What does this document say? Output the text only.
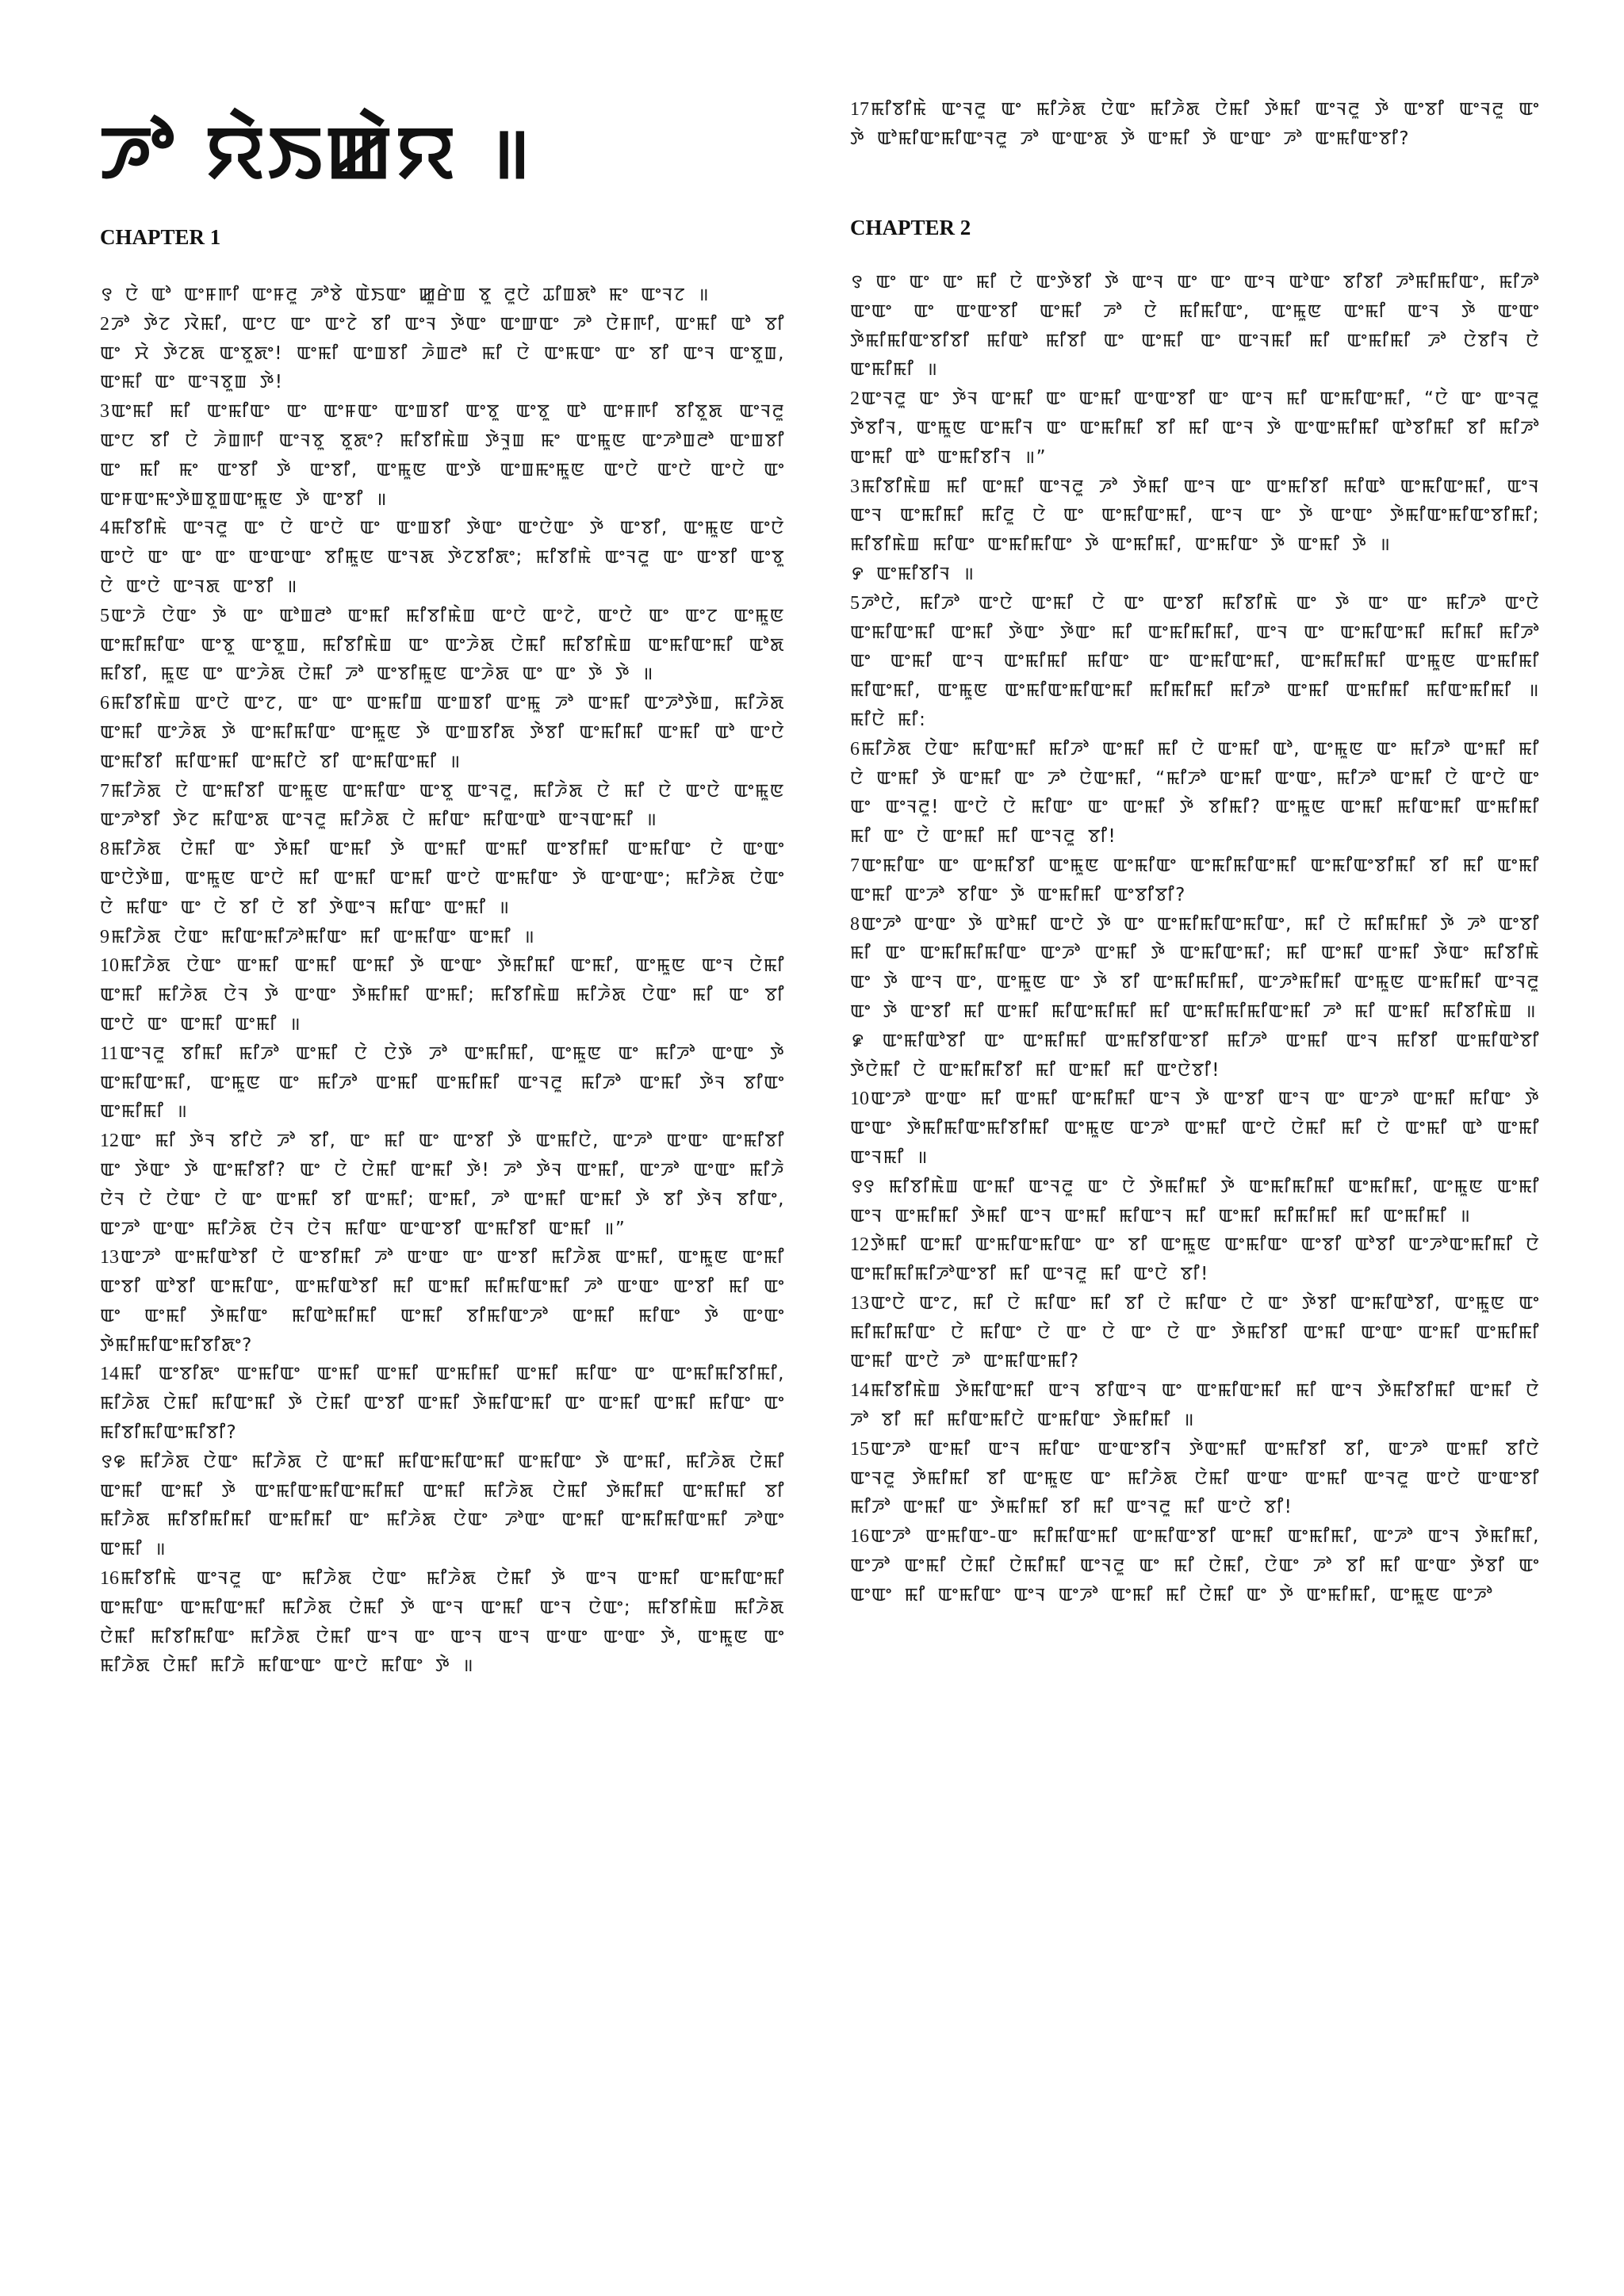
ꯍꯣ ꯌꯥꯏꯀꯥꯌ ॥
CHAPTER 1

꯱ ꯅꯥ ꯑꯣ ꯑꯦꯝꯒꯤ ꯑꯦꯝꯂꯨ ꯍꯣꯕꯥ ꯑꯥꯏꯑꯦ ꯀꯨꯔꯥꯡ ꯕꯨ ꯂꯨꯅꯥ ꯊꯤꯡꯗꯣ ꯃꯦ ꯑꯦꯜꯖ ॥

2ꯍꯣ ꯇꯥꯖ ꯋꯥꯃꯤ, ꯑꯦꯅ ꯑꯦ ꯑꯦꯖꯥ ꯕꯤ ꯑꯦꯜ ꯇꯥꯑꯦ ꯑꯦꯛꯑꯦ ꯍꯣ ꯅꯥꯝꯒꯤ, ꯑꯦꯃꯤ ꯑꯣ ꯕꯤ ꯑꯦ ꯆꯥ ꯇꯥꯖꯗ ꯑꯦꯕꯨꯗꯦ! ꯑꯦꯃꯤ ꯑꯦꯡꯕꯤ ꯍꯥꯡꯂꯣ ꯃꯤ ꯅꯥ ꯑꯦꯃꯑꯦ ꯑꯦ ꯕꯤ ꯑꯦꯜ ꯑꯦꯕꯨꯡ, ꯑꯦꯃꯤ ꯑꯦ ꯑꯦꯜꯕꯨꯡ ꯇꯥ!

3ꯑꯦꯃꯤ ꯃꯤ ꯑꯦꯃꯤꯑꯦ ꯑꯦ ꯑꯦꯝꯑꯦ ꯑꯦꯡꯕꯤ ꯑꯦꯕꯨ ꯑꯦꯕꯨ ꯑꯣ ꯑꯦꯝꯒꯤ ꯕꯤꯕꯨꯗ ꯑꯦꯜꯂꯨ ꯑꯦꯅ ꯕꯤ ꯅꯥ ꯍꯥꯡꯒꯤ ꯑꯦꯜꯕꯨ ꯕꯨꯗꯦ? ꯃꯤꯕꯤꯃꯥꯡ ꯇꯥꯜꯨꯡ ꯃꯦ ꯑꯦꯃꯨꯟ ꯑꯦꯍꯣꯡꯂꯣ ꯑꯦꯡꯕꯤ ꯑꯦ ꯃꯤ ꯃꯦ ꯑꯦꯕꯤ ꯇꯥ ꯑꯦꯕꯤ, ꯑꯦꯃꯨꯟ ꯑꯦꯇꯥ ꯑꯦꯡꯃꯦꯃꯨꯟ ꯑꯦꯅꯥ ꯑꯦꯅꯥ ꯑꯦꯅꯥ ꯑꯦ ꯑꯦꯝꯑꯦꯃꯦꯇꯥꯡꯕꯨꯡꯑꯦꯃꯨꯟ ꯇꯥ ꯑꯦꯕꯤ ॥

4ꯃꯤꯕꯤꯃꯥ ꯑꯦꯜꯂꯨ ꯑꯦ ꯅꯥ ꯑꯦꯅꯥ ꯑꯦ ꯑꯦꯡꯕꯤ ꯇꯥꯑꯦ ꯑꯦꯅꯥꯑꯦ ꯇꯥ ꯑꯦꯕꯤ, ꯑꯦꯃꯨꯟ ꯑꯦꯅꯥ ꯑꯦꯅꯥ ꯑꯦ ꯑꯦ ꯑꯦ ꯑꯦꯑꯦꯑꯦ ꯕꯤꯃꯨꯟ ꯑꯦꯜꯗ ꯇꯥꯖꯕꯤꯗꯦ; ꯃꯤꯕꯤꯃꯥ ꯑꯦꯜꯂꯨ ꯑꯦ ꯑꯦꯕꯤ ꯑꯦꯕꯨ ꯅꯥ ꯑꯦꯅꯥ ꯑꯦꯜꯗ ꯑꯦꯕꯤ ॥

5ꯑꯦꯍꯥ ꯅꯥꯑꯦ ꯇꯥ ꯑꯦ ꯑꯣꯡꯂꯣ ꯑꯦꯃꯤ ꯃꯤꯕꯤꯃꯥꯡ ꯑꯦꯅꯥ ꯑꯦꯖꯥ, ꯑꯦꯅꯥ ꯑꯦ ꯑꯦꯖ ꯑꯦꯃꯨꯟ ꯑꯦꯃꯤꯃꯤꯑꯦ ꯑꯦꯕꯨ ꯑꯦꯕꯨꯡ, ꯃꯤꯕꯤꯃꯥꯡ ꯑꯦ ꯑꯦꯍꯥꯗ ꯅꯥꯃꯤ ꯃꯤꯕꯤꯃꯥꯡ ꯑꯦꯃꯤꯑꯦꯃꯤ ꯑꯣꯗ ꯃꯤꯕꯤ, ꯃꯨꯟ ꯑꯦ ꯑꯦꯍꯥꯗ ꯅꯥꯃꯤ ꯍꯣ ꯑꯦꯕꯤꯃꯨꯟ ꯑꯦꯍꯥꯗ ꯑꯦ ꯑꯦ ꯇꯥ ꯇꯥ ॥

6ꯃꯤꯕꯤꯃꯥꯡ ꯑꯦꯅꯥ ꯑꯦꯖ, ꯑꯦ ꯑꯦ ꯑꯦꯃꯤꯡ ꯑꯦꯡꯕꯤ ꯑꯦꯃꯨ ꯍꯣ ꯑꯦꯃꯤ ꯑꯦꯍꯣꯇꯥꯡ, ꯃꯤꯍꯥꯗ ꯑꯦꯃꯤ ꯑꯦꯍꯥꯗ ꯇꯥ ꯑꯦꯃꯤꯃꯤꯑꯦ ꯑꯦꯃꯨꯟ ꯇꯥ ꯑꯦꯡꯕꯤꯗ ꯇꯥꯕꯤ ꯑꯦꯃꯤꯃꯤ ꯑꯦꯃꯤ ꯑꯣ ꯑꯦꯅꯥ ꯑꯦꯃꯤꯕꯤ ꯃꯤꯑꯦꯃꯤ ꯑꯦꯃꯤꯅꯥ ꯕꯤ ꯑꯦꯃꯤꯑꯦꯃꯤ ॥

7ꯃꯤꯍꯥꯗ ꯅꯥ ꯑꯦꯃꯤꯕꯤ ꯑꯦꯃꯨꯟ ꯑꯦꯃꯤꯑꯦ ꯑꯦꯕꯨ ꯑꯦꯜꯂꯨ, ꯃꯤꯍꯥꯗ ꯅꯥ ꯃꯤ ꯅꯥ ꯑꯦꯅꯥ ꯑꯦꯃꯨꯟ ꯑꯦꯍꯣꯕꯤ ꯇꯥꯖ ꯃꯤꯑꯦꯗ ꯑꯦꯜꯂꯨ ꯃꯤꯍꯥꯗ ꯅꯥ ꯃꯤꯑꯦ ꯃꯤꯑꯦꯑꯣ ꯑꯦꯜꯑꯦꯃꯤ ॥

8ꯃꯤꯍꯥꯗ ꯅꯥꯃꯤ ꯑꯦ ꯇꯥꯃꯤ ꯑꯦꯃꯤ ꯇꯥ ꯑꯦꯃꯤ ꯑꯦꯃꯤ ꯑꯦꯕꯤꯃꯤ ꯑꯦꯃꯤꯑꯦ ꯅꯥ ꯑꯦꯑꯦ ꯑꯦꯅꯥꯇꯥꯡ, ꯑꯦꯃꯨꯟ ꯑꯦꯅꯥ ꯃꯤ ꯑꯦꯃꯤ ꯑꯦꯃꯤ ꯑꯦꯅꯥ ꯑꯦꯃꯤꯑꯦ ꯇꯥ ꯑꯦꯑꯦꯑꯦ; ꯃꯤꯍꯥꯗ ꯅꯥꯑꯦ ꯅꯥ ꯃꯤꯑꯦ ꯑꯦ ꯅꯥ ꯕꯤ ꯅꯥ ꯕꯤ ꯇꯥꯑꯦꯜ ꯃꯤꯑꯦ ꯑꯦꯃꯤ ॥

9ꯃꯤꯍꯥꯗ ꯅꯥꯑꯦ ꯃꯤꯑꯦꯃꯤꯍꯣꯃꯤꯑꯦ ꯃꯤ ꯑꯦꯃꯤꯑꯦ ꯑꯦꯃꯤ ॥

10ꯃꯤꯍꯥꯗ ꯅꯥꯑꯦ ꯑꯦꯃꯤ ꯑꯦꯃꯤ ꯑꯦꯃꯤ ꯇꯥ ꯑꯦꯑꯦ ꯇꯥꯃꯤꯃꯤ ꯑꯦꯃꯤ, ꯑꯦꯃꯨꯟ ꯑꯦꯜ ꯅꯥꯃꯤ ꯑꯦꯃꯤ ꯃꯤꯍꯥꯗ ꯅꯥꯜ ꯇꯥ ꯑꯦꯑꯦ ꯇꯥꯃꯤꯃꯤ ꯑꯦꯃꯤ; ꯃꯤꯕꯤꯃꯥꯡ ꯃꯤꯍꯥꯗ ꯅꯥꯑꯦ ꯃꯤ ꯑꯦ ꯕꯤ ꯑꯦꯅꯥ ꯑꯦ ꯑꯦꯃꯤ ꯑꯦꯃꯤ ॥

11ꯑꯦꯜꯂꯨ ꯕꯤꯃꯤ ꯃꯤꯍꯣ ꯑꯦꯃꯤ ꯅꯥ ꯅꯥꯇꯥ ꯍꯣ ꯑꯦꯃꯤꯃꯤ, ꯑꯦꯃꯨꯟ ꯑꯦ ꯃꯤꯍꯣ ꯑꯦꯑꯦ ꯇꯥ ꯑꯦꯃꯤꯑꯦꯃꯤ, ꯑꯦꯃꯨꯟ ꯑꯦ ꯃꯤꯍꯣ ꯑꯦꯃꯤ ꯑꯦꯃꯤꯃꯤ ꯑꯦꯜꯂꯨ ꯃꯤꯍꯣ ꯑꯦꯃꯤ ꯇꯥꯜ ꯕꯤꯑꯦ ꯑꯦꯃꯤꯃꯤ ॥

12ꯑꯦ ꯃꯤ ꯇꯥꯜ ꯕꯤꯅꯥ ꯍꯣ ꯕꯤ, ꯑꯦ ꯃꯤ ꯑꯦ ꯑꯦꯕꯤ ꯇꯥ ꯑꯦꯃꯤꯅꯥ, ꯑꯦꯍꯣ ꯑꯦꯑꯦ ꯑꯦꯃꯤꯕꯤ ꯑꯦ ꯇꯥꯑꯦ ꯇꯥ ꯑꯦꯃꯤꯕꯤ? ꯑꯦ ꯅꯥ ꯅꯥꯃꯤ ꯑꯦꯃꯤ ꯇꯥ! ꯍꯣ ꯇꯥꯜ ꯑꯦꯃꯤ, ꯑꯦꯍꯣ ꯑꯦꯑꯦ ꯃꯤꯍꯥ ꯅꯥꯜ ꯅꯥ ꯅꯥꯑꯦ ꯅꯥ ꯑꯦ ꯑꯦꯃꯤ ꯕꯤ ꯑꯦꯃꯤ; ꯑꯦꯃꯤ, ꯍꯣ ꯑꯦꯃꯤ ꯑꯦꯃꯤ ꯇꯥ ꯕꯤ ꯇꯥꯜ ꯕꯤꯑꯦ, ꯑꯦꯍꯣ ꯑꯦꯑꯦ ꯃꯤꯍꯥꯗ ꯅꯥꯜ ꯅꯥꯜ ꯃꯤꯑꯦ ꯑꯦꯑꯦꯕꯤ ꯑꯦꯃꯤꯕꯤ ꯑꯦꯃꯤ ॥”

13ꯑꯦꯍꯣ ꯑꯦꯃꯤꯑꯣꯕꯤ ꯅꯥ ꯑꯦꯕꯤꯃꯤ ꯍꯣ ꯑꯦꯑꯦ ꯑꯦ ꯑꯦꯕꯤ ꯃꯤꯍꯥꯗ ꯑꯦꯃꯤ, ꯑꯦꯃꯨꯟ ꯑꯦꯃꯤ ꯑꯦꯕꯤ ꯑꯣꯕꯤ ꯑꯦꯃꯤꯑꯦ, ꯑꯦꯃꯤꯑꯣꯕꯤ ꯃꯤ ꯑꯦꯃꯤ ꯃꯤꯃꯤꯑꯦꯃꯤ ꯍꯣ ꯑꯦꯑꯦ ꯑꯦꯕꯤ ꯃꯤ ꯑꯦ ꯑꯦ ꯑꯦꯃꯤ ꯇꯥꯃꯤꯑꯦ ꯃꯤꯑꯣꯃꯤꯃꯤ ꯑꯦꯃꯤ ꯕꯤꯃꯤꯑꯦꯍꯣ ꯑꯦꯃꯤ ꯃꯤꯑꯦ ꯇꯥ ꯑꯦꯑꯦ ꯇꯥꯃꯤꯃꯤꯑꯦꯃꯤꯕꯤꯗꯦ?

14ꯃꯤ ꯑꯦꯕꯤꯗꯦ ꯑꯦꯃꯤꯑꯦ ꯑꯦꯃꯤ ꯑꯦꯃꯤ ꯑꯦꯃꯤꯃꯤ ꯑꯦꯃꯤ ꯃꯤꯑꯦ ꯑꯦ ꯑꯦꯃꯤꯃꯤꯕꯤꯃꯤ, ꯃꯤꯍꯥꯗ ꯅꯥꯃꯤ ꯃꯤꯑꯦꯃꯤ ꯇꯥ ꯅꯥꯃꯤ ꯑꯦꯕꯤ ꯑꯦꯃꯤ ꯇꯥꯃꯤꯑꯦꯃꯤ ꯑꯦ ꯑꯦꯃꯤ ꯑꯦꯃꯤ ꯃꯤꯑꯦ ꯑꯦ ꯃꯤꯕꯤꯃꯤꯑꯦꯃꯤꯕꯤ?

꯱꯶ ꯃꯤꯍꯥꯗ ꯅꯥꯑꯦ ꯃꯤꯍꯥꯗ ꯅꯥ ꯑꯦꯃꯤ ꯃꯤꯑꯦꯃꯤꯑꯦꯃꯤ ꯑꯦꯃꯤꯑꯦ ꯇꯥ ꯑꯦꯃꯤ, ꯃꯤꯍꯥꯗ ꯅꯥꯃꯤ ꯑꯦꯃꯤ ꯑꯦꯃꯤ ꯇꯥ ꯑꯦꯃꯤꯑꯦꯃꯤꯑꯦꯃꯤꯃꯤ ꯑꯦꯃꯤ ꯃꯤꯍꯥꯗ ꯅꯥꯃꯤ ꯇꯥꯃꯤꯃꯤ ꯑꯦꯃꯤꯃꯤ ꯕꯤ ꯃꯤꯍꯥꯗ ꯃꯤꯕꯤꯃꯤꯃꯤ ꯑꯦꯃꯤꯃꯤ ꯑꯦ ꯃꯤꯍꯥꯗ ꯅꯥꯑꯦ ꯍꯣꯑꯦ ꯑꯦꯃꯤ ꯑꯦꯃꯤꯃꯤꯑꯦꯃꯤ ꯍꯣꯑꯦ ꯑꯦꯃꯤ ॥

16ꯃꯤꯕꯤꯃꯥ ꯑꯦꯜꯂꯨ ꯑꯦ ꯃꯤꯍꯥꯗ ꯅꯥꯑꯦ ꯃꯤꯍꯥꯗ ꯅꯥꯃꯤ ꯇꯥ ꯑꯦꯜ ꯑꯦꯃꯤ ꯑꯦꯃꯤꯑꯦꯃꯤ ꯑꯦꯃꯤꯑꯦ ꯑꯦꯃꯤꯑꯦꯃꯤ ꯃꯤꯍꯥꯗ ꯅꯥꯃꯤ ꯇꯥ ꯑꯦꯜ ꯑꯦꯃꯤ ꯑꯦꯜ ꯅꯥꯑꯦ; ꯃꯤꯕꯤꯃꯥꯡ ꯃꯤꯍꯥꯗ ꯅꯥꯃꯤ ꯃꯤꯕꯤꯃꯤꯑꯦ ꯃꯤꯍꯥꯗ ꯅꯥꯃꯤ ꯑꯦꯜ ꯑꯦ ꯑꯦꯜ ꯑꯦꯜ ꯑꯦꯑꯦ ꯑꯦꯑꯦ ꯇꯥ, ꯑꯦꯃꯨꯟ ꯑꯦ ꯃꯤꯍꯥꯗ ꯅꯥꯃꯤ ꯃꯤꯍꯥ ꯃꯤꯑꯦꯑꯦ ꯑꯦꯅꯥ ꯃꯤꯑꯦ ꯇꯥ ॥

17ꯃꯤꯕꯤꯃꯥ ꯑꯦꯜꯂꯨ ꯑꯦ ꯃꯤꯍꯥꯗ ꯅꯥꯑꯦ ꯃꯤꯍꯥꯗ ꯅꯥꯃꯤ ꯇꯥꯃꯤ ꯑꯦꯜꯂꯨ ꯇꯥ ꯑꯦꯕꯤ ꯑꯦꯜꯂꯨ ꯑꯦ ꯇꯥ ꯑꯣꯃꯤꯑꯦꯃꯤꯑꯦꯜꯂꯨ ꯍꯣ ꯑꯦꯑꯦꯗ ꯇꯥ ꯑꯦꯃꯤ ꯇꯥ ꯑꯦꯑꯦ ꯍꯣ ꯑꯦꯃꯤꯑꯦꯕꯤ?

CHAPTER 2

꯱ ꯑꯦ ꯑꯦ ꯑꯦ ꯃꯤ ꯅꯥ ꯑꯦꯇꯥꯕꯤ ꯇꯥ ꯑꯦꯜ ꯑꯦ ꯑꯦ ꯑꯦꯜ ꯑꯣꯑꯦ ꯕꯤꯕꯤ ꯍꯣꯃꯤꯃꯤꯑꯦ, ꯃꯤꯍꯣ ꯑꯦꯑꯦ ꯑꯦ ꯑꯦꯑꯦꯕꯤ ꯑꯦꯃꯤ ꯍꯣ ꯅꯥ ꯃꯤꯃꯤꯑꯦ, ꯑꯦꯃꯨꯟ ꯑꯦꯃꯤ ꯑꯦꯜ ꯇꯥ ꯑꯦꯑꯦ ꯇꯥꯃꯤꯃꯤꯑꯦꯕꯤꯕꯤ ꯃꯤꯑꯣ ꯃꯤꯕꯤ ꯑꯦ ꯑꯦꯃꯤ ꯑꯦ ꯑꯦꯜꯃꯤ ꯃꯤ ꯑꯦꯃꯤꯃꯤ ꯍꯣ ꯅꯥꯕꯤꯜ ꯅꯥ ꯑꯦꯃꯤꯃꯤ ॥

2ꯑꯦꯜꯂꯨ ꯑꯦ ꯇꯥꯜ ꯑꯦꯃꯤ ꯑꯦ ꯑꯦꯃꯤ ꯑꯦꯑꯦꯕꯤ ꯑꯦ ꯑꯦꯜ ꯃꯤ ꯑꯦꯃꯤꯑꯦꯃꯤ, “ꯅꯥ ꯑꯦ ꯑꯦꯜꯂꯨ ꯇꯥꯕꯤꯜ, ꯑꯦꯃꯨꯟ ꯑꯦꯃꯤꯜ ꯑꯦ ꯑꯦꯃꯤꯃꯤ ꯕꯤ ꯃꯤ ꯑꯦꯜ ꯇꯥ ꯑꯦꯑꯦꯃꯤꯃꯤ ꯑꯣꯕꯤꯃꯤ ꯕꯤ ꯃꯤꯍꯣ ꯑꯦꯃꯤ ꯑꯣ ꯑꯦꯃꯤꯕꯤꯜ ॥”

3ꯃꯤꯕꯤꯃꯥꯡ ꯃꯤ ꯑꯦꯃꯤ ꯑꯦꯜꯂꯨ ꯍꯣ ꯇꯥꯃꯤ ꯑꯦꯜ ꯑꯦ ꯑꯦꯃꯤꯕꯤ ꯃꯤꯑꯣ ꯑꯦꯃꯤꯑꯦꯃꯤ, ꯑꯦꯜ ꯑꯦꯜ ꯑꯦꯃꯤꯃꯤ ꯃꯤꯂꯨ ꯅꯥ ꯑꯦ ꯑꯦꯃꯤꯑꯦꯃꯤ, ꯑꯦꯜ ꯑꯦ ꯇꯥ ꯑꯦꯑꯦ ꯇꯥꯃꯤꯑꯦꯃꯤꯑꯦꯕꯤꯃꯤ; ꯃꯤꯕꯤꯃꯥꯡ ꯃꯤꯑꯦ ꯑꯦꯃꯤꯃꯤꯑꯦ ꯇꯥ ꯑꯦꯃꯤꯃꯤ, ꯑꯦꯃꯤꯑꯦ ꯇꯥ ꯑꯦꯃꯤ ꯇꯥ ॥

꯸ ꯑꯦꯃꯤꯕꯤꯜ ॥

5ꯍꯣꯅꯥ, ꯃꯤꯍꯣ ꯑꯦꯅꯥ ꯑꯦꯃꯤ ꯅꯥ ꯑꯦ ꯑꯦꯕꯤ ꯃꯤꯕꯤꯃꯥ ꯑꯦ ꯇꯥ ꯑꯦ ꯑꯦ ꯃꯤꯍꯣ ꯑꯦꯅꯥ ꯑꯦꯃꯤꯑꯦꯃꯤ ꯑꯦꯃꯤ ꯇꯥꯑꯦ ꯇꯥꯑꯦ ꯃꯤ ꯑꯦꯃꯤꯃꯤꯃꯤ, ꯑꯦꯜ ꯑꯦ ꯑꯦꯃꯤꯑꯦꯃꯤ ꯃꯤꯃꯤ ꯃꯤꯍꯣ ꯑꯦ ꯑꯦꯃꯤ ꯑꯦꯜ ꯑꯦꯃꯤꯃꯤ ꯃꯤꯑꯦ ꯑꯦ ꯑꯦꯃꯤꯑꯦꯃꯤ, ꯑꯦꯃꯤꯃꯤꯃꯤ ꯑꯦꯃꯨꯟ ꯑꯦꯃꯤꯃꯤ ꯃꯤꯑꯦꯃꯤ, ꯑꯦꯃꯨꯟ ꯑꯦꯃꯤꯑꯦꯃꯤꯑꯦꯃꯤ ꯃꯤꯃꯤꯃꯤ ꯃꯤꯍꯣ ꯑꯦꯃꯤ ꯑꯦꯃꯤꯃꯤ ꯃꯤꯑꯦꯃꯤꯃꯤ ॥ ꯃꯤꯅꯥ ꯃꯤ:

6ꯃꯤꯍꯥꯗ ꯅꯥꯑꯦ ꯃꯤꯑꯦꯃꯤ ꯃꯤꯍꯣ ꯑꯦꯃꯤ ꯃꯤ ꯅꯥ ꯑꯦꯃꯤ ꯑꯣ, ꯑꯦꯃꯨꯟ ꯑꯦ ꯃꯤꯍꯣ ꯑꯦꯃꯤ ꯃꯤ ꯅꯥ ꯑꯦꯃꯤ ꯇꯥ ꯑꯦꯃꯤ ꯑꯦ ꯍꯣ ꯅꯥꯑꯦꯃꯤ, “ꯃꯤꯍꯣ ꯑꯦꯃꯤ ꯑꯦꯑꯦ, ꯃꯤꯍꯣ ꯑꯦꯃꯤ ꯅꯥ ꯑꯦꯅꯥ ꯑꯦ ꯑꯦ ꯑꯦꯜꯂꯨ! ꯑꯦꯅꯥ ꯅꯥ ꯃꯤꯑꯦ ꯑꯦ ꯑꯦꯃꯤ ꯇꯥ ꯕꯤꯃꯤ? ꯑꯦꯃꯨꯟ ꯑꯦꯃꯤ ꯃꯤꯑꯦꯃꯤ ꯑꯦꯃꯤꯃꯤ ꯃꯤ ꯑꯦ ꯅꯥ ꯑꯦꯃꯤ ꯃꯤ ꯑꯦꯜꯂꯨ ꯕꯤ!

7ꯑꯦꯃꯤꯑꯦ ꯑꯦ ꯑꯦꯃꯤꯕꯤ ꯑꯦꯃꯨꯟ ꯑꯦꯃꯤꯑꯦ ꯑꯦꯃꯤꯃꯤꯑꯦꯃꯤ ꯑꯦꯃꯤꯑꯦꯕꯤꯃꯤ ꯕꯤ ꯃꯤ ꯑꯦꯃꯤ ꯑꯦꯃꯤ ꯑꯦꯍꯣ ꯕꯤꯑꯦ ꯇꯥ ꯑꯦꯃꯤꯃꯤ ꯑꯦꯕꯤꯕꯤ?

8ꯑꯦꯍꯣ ꯑꯦꯑꯦ ꯇꯥ ꯑꯣꯃꯤ ꯑꯦꯅꯥ ꯇꯥ ꯑꯦ ꯑꯦꯃꯤꯃꯤꯑꯦꯃꯤꯑꯦ, ꯃꯤ ꯅꯥ ꯃꯤꯃꯤꯃꯤ ꯇꯥ ꯍꯣ ꯑꯦꯕꯤ ꯃꯤ ꯑꯦ ꯑꯦꯃꯤꯃꯤꯃꯤꯑꯦ ꯑꯦꯍꯣ ꯑꯦꯃꯤ ꯇꯥ ꯑꯦꯃꯤꯑꯦꯃꯤ; ꯃꯤ ꯑꯦꯃꯤ ꯑꯦꯃꯤ ꯇꯥꯑꯦ ꯃꯤꯕꯤꯃꯥ ꯑꯦ ꯇꯥ ꯑꯦꯜ ꯑꯦ, ꯑꯦꯃꯨꯟ ꯑꯦ ꯇꯥ ꯕꯤ ꯑꯦꯃꯤꯃꯤꯃꯤ, ꯑꯦꯍꯣꯃꯤꯃꯤ ꯑꯦꯃꯨꯟ ꯑꯦꯃꯤꯃꯤ ꯑꯦꯜꯂꯨ ꯑꯦ ꯇꯥ ꯑꯦꯕꯤ ꯃꯤ ꯑꯦꯃꯤ ꯃꯤꯑꯦꯃꯤꯃꯤ ꯃꯤ ꯑꯦꯃꯤꯃꯤꯃꯤꯑꯦꯃꯤ ꯍꯣ ꯃꯤ ꯑꯦꯃꯤ ꯃꯤꯕꯤꯃꯥꯡ ॥

꯹ ꯑꯦꯃꯤꯑꯣꯕꯤ ꯑꯦ ꯑꯦꯃꯤꯃꯤ ꯑꯦꯃꯤꯕꯤꯑꯦꯕꯤ ꯃꯤꯍꯣ ꯑꯦꯃꯤ ꯑꯦꯜ ꯃꯤꯕꯤ ꯑꯦꯃꯤꯑꯣꯕꯤ ꯇꯥꯅꯥꯃꯤ ꯅꯥ ꯑꯦꯃꯤꯃꯤꯕꯤ ꯃꯤ ꯑꯦꯃꯤ ꯃꯤ ꯑꯦꯅꯥꯕꯤ!

10ꯑꯦꯍꯣ ꯑꯦꯑꯦ ꯃꯤ ꯑꯦꯃꯤ ꯑꯦꯃꯤꯃꯤ ꯑꯦꯜ ꯇꯥ ꯑꯦꯕꯤ ꯑꯦꯜ ꯑꯦ ꯑꯦꯍꯣ ꯑꯦꯃꯤ ꯃꯤꯑꯦ ꯇꯥ ꯑꯦꯑꯦ ꯇꯥꯃꯤꯃꯤꯑꯦꯃꯤꯕꯤꯃꯤ ꯑꯦꯃꯨꯟ ꯑꯦꯍꯣ ꯑꯦꯃꯤ ꯑꯦꯅꯥ ꯅꯥꯃꯤ ꯃꯤ ꯅꯥ ꯑꯦꯃꯤ ꯑꯣ ꯑꯦꯃꯤ ꯑꯦꯜꯃꯤ ॥

꯱꯱ ꯃꯤꯕꯤꯃꯥꯡ ꯑꯦꯃꯤ ꯑꯦꯜꯂꯨ ꯑꯦ ꯅꯥ ꯇꯥꯃꯤꯃꯤ ꯇꯥ ꯑꯦꯃꯤꯃꯤꯃꯤ ꯑꯦꯃꯤꯃꯤ, ꯑꯦꯃꯨꯟ ꯑꯦꯃꯤ ꯑꯦꯜ ꯑꯦꯃꯤꯃꯤ ꯇꯥꯃꯤ ꯑꯦꯜ ꯑꯦꯃꯤ ꯃꯤꯑꯦꯜ ꯃꯤ ꯑꯦꯃꯤ ꯃꯤꯃꯤꯃꯤ ꯃꯤ ꯑꯦꯃꯤꯃꯤ ॥

12ꯇꯥꯃꯤ ꯑꯦꯃꯤ ꯑꯦꯃꯤꯑꯦꯃꯤꯑꯦ ꯑꯦ ꯕꯤ ꯑꯦꯃꯨꯟ ꯑꯦꯃꯤꯑꯦ ꯑꯦꯕꯤ ꯑꯣꯕꯤ ꯑꯦꯍꯣꯑꯦꯃꯤꯃꯤ ꯅꯥ ꯑꯦꯃꯤꯃꯤꯃꯤꯍꯣꯑꯦꯕꯤ ꯃꯤ ꯑꯦꯜꯂꯨ ꯃꯤ ꯑꯦꯅꯥ ꯕꯤ!

13ꯑꯦꯅꯥ ꯑꯦꯖ, ꯃꯤ ꯅꯥ ꯃꯤꯑꯦ ꯃꯤ ꯕꯤ ꯅꯥ ꯃꯤꯑꯦ ꯅꯥ ꯑꯦ ꯇꯥꯕꯤ ꯑꯦꯃꯤꯑꯣꯕꯤ, ꯑꯦꯃꯨꯟ ꯑꯦ ꯃꯤꯃꯤꯃꯤꯑꯦ ꯅꯥ ꯃꯤꯑꯦ ꯅꯥ ꯑꯦ ꯅꯥ ꯑꯦ ꯅꯥ ꯑꯦ ꯇꯥꯃꯤꯕꯤ ꯑꯦꯃꯤ ꯑꯦꯑꯦ ꯑꯦꯃꯤ ꯑꯦꯃꯤꯃꯤ ꯑꯦꯃꯤ ꯑꯦꯅꯥ ꯍꯣ ꯑꯦꯃꯤꯑꯦꯃꯤ?

14ꯃꯤꯕꯤꯃꯥꯡ ꯇꯥꯃꯤꯑꯦꯃꯤ ꯑꯦꯜ ꯕꯤꯑꯦꯜ ꯑꯦ ꯑꯦꯃꯤꯑꯦꯃꯤ ꯃꯤ ꯑꯦꯜ ꯇꯥꯃꯤꯕꯤꯃꯤ ꯑꯦꯃꯤ ꯅꯥ ꯍꯣ ꯕꯤ ꯃꯤ ꯃꯤꯑꯦꯃꯤꯅꯥ ꯑꯦꯃꯤꯑꯦ ꯇꯥꯃꯤꯃꯤ ॥

15ꯑꯦꯍꯣ ꯑꯦꯃꯤ ꯑꯦꯜ ꯃꯤꯑꯦ ꯑꯦꯑꯦꯕꯤꯜ ꯇꯥꯑꯦꯃꯤ ꯑꯦꯃꯤꯕꯤ ꯕꯤ, ꯑꯦꯍꯣ ꯑꯦꯃꯤ ꯕꯤꯅꯥ ꯑꯦꯜꯂꯨ ꯇꯥꯃꯤꯃꯤ ꯕꯤ ꯑꯦꯃꯨꯟ ꯑꯦ ꯃꯤꯍꯥꯗ ꯅꯥꯃꯤ ꯑꯦꯑꯦ ꯑꯦꯃꯤ ꯑꯦꯜꯂꯨ ꯑꯦꯅꯥ ꯑꯦꯑꯦꯕꯤ ꯃꯤꯍꯣ ꯑꯦꯃꯤ ꯑꯦ ꯇꯥꯃꯤꯃꯤ ꯕꯤ ꯃꯤ ꯑꯦꯜꯂꯨ ꯃꯤ ꯑꯦꯅꯥ ꯕꯤ!

16ꯑꯦꯍꯣ ꯑꯦꯃꯤꯑꯦ-ꯑꯦ ꯃꯤꯃꯤꯑꯦꯃꯤ ꯑꯦꯃꯤꯑꯦꯕꯤ ꯑꯦꯃꯤ ꯑꯦꯃꯤꯃꯤ, ꯑꯦꯍꯣ ꯑꯦꯜ ꯇꯥꯃꯤꯃꯤ, ꯑꯦꯍꯣ ꯑꯦꯃꯤ ꯅꯥꯃꯤ ꯅꯥꯃꯤꯃꯤ ꯑꯦꯜꯂꯨ ꯑꯦ ꯃꯤ ꯅꯥꯃꯤ, ꯅꯥꯑꯦ ꯍꯣ ꯕꯤ ꯃꯤ ꯑꯦꯑꯦ ꯇꯥꯕꯤ ꯑꯦ ꯑꯦꯑꯦ ꯃꯤ ꯑꯦꯃꯤꯑꯦ ꯑꯦꯜ ꯑꯦꯍꯣ ꯑꯦꯃꯤ ꯃꯤ ꯅꯥꯃꯤ ꯑꯦ ꯇꯥ ꯑꯦꯃꯤꯃꯤ, ꯑꯦꯃꯨꯟ ꯑꯦꯍꯣ
